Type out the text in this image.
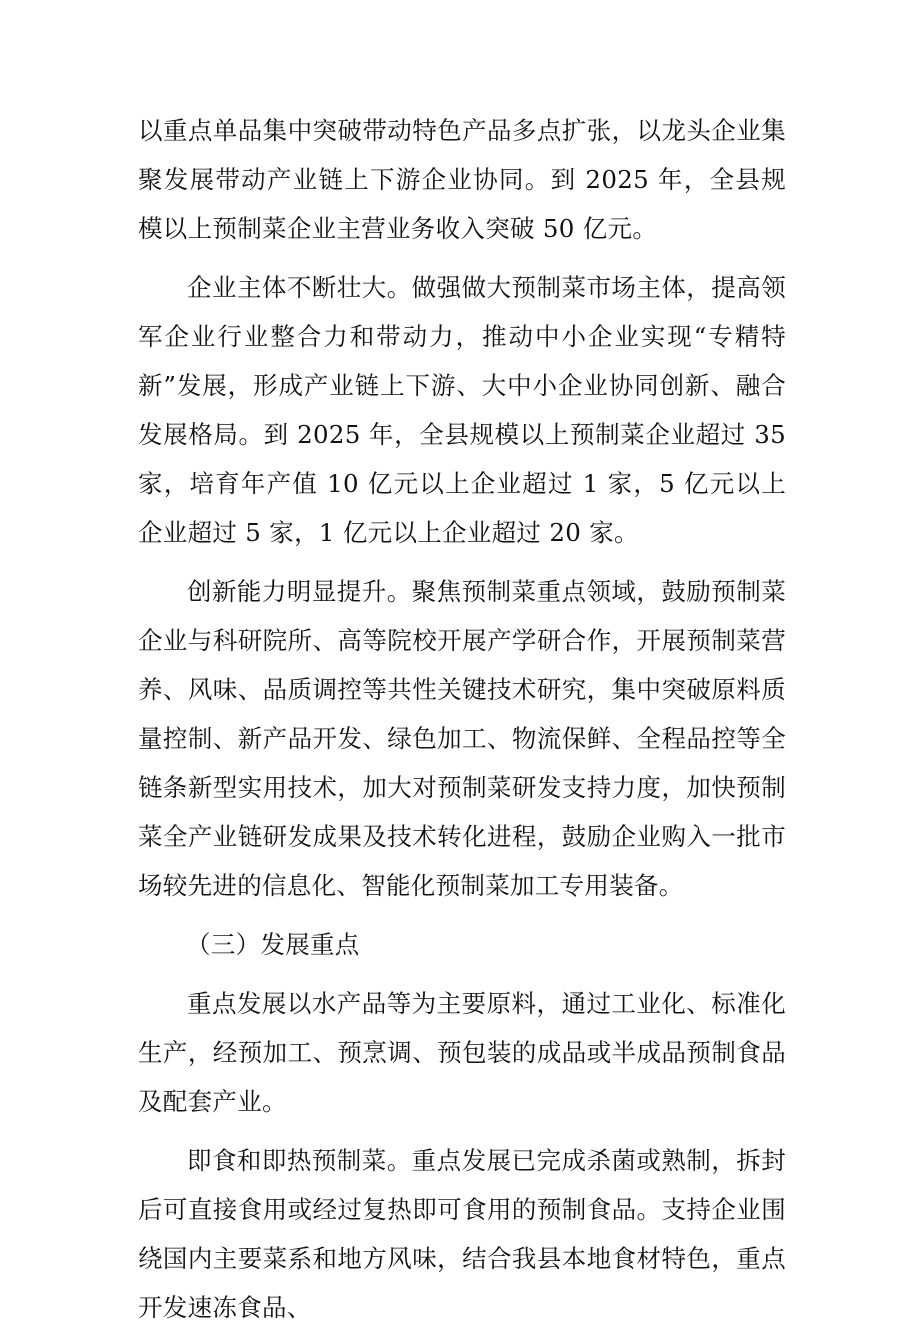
以重点单品集中突破带动特色产品多点扩张，以龙头企业集聚发展带动产业链上下游企业协同。到 2025 年，全县规模以上预制菜企业主营业务收入突破 50 亿元。

企业主体不断壮大。做强做大预制菜市场主体，提高领军企业行业整合力和带动力，推动中小企业实现“专精特新”发展，形成产业链上下游、大中小企业协同创新、融合发展格局。到 2025 年，全县规模以上预制菜企业超过 35 家，培育年产值 10 亿元以上企业超过 1 家，5 亿元以上企业超过 5 家，1 亿元以上企业超过 20 家。

创新能力明显提升。聚焦预制菜重点领域，鼓励预制菜企业与科研院所、高等院校开展产学研合作，开展预制菜营养、风味、品质调控等共性关键技术研究，集中突破原料质量控制、新产品开发、绿色加工、物流保鲜、全程品控等全链条新型实用技术，加大对预制菜研发支持力度，加快预制菜全产业链研发成果及技术转化进程，鼓励企业购入一批市场较先进的信息化、智能化预制菜加工专用装备。

（三）发展重点

重点发展以水产品等为主要原料，通过工业化、标准化生产，经预加工、预烹调、预包装的成品或半成品预制食品及配套产业。

即食和即热预制菜。重点发展已完成杀菌或熟制，拆封后可直接食用或经过复热即可食用的预制食品。支持企业围绕国内主要菜系和地方风味，结合我县本地食材特色，重点开发速冻食品、
